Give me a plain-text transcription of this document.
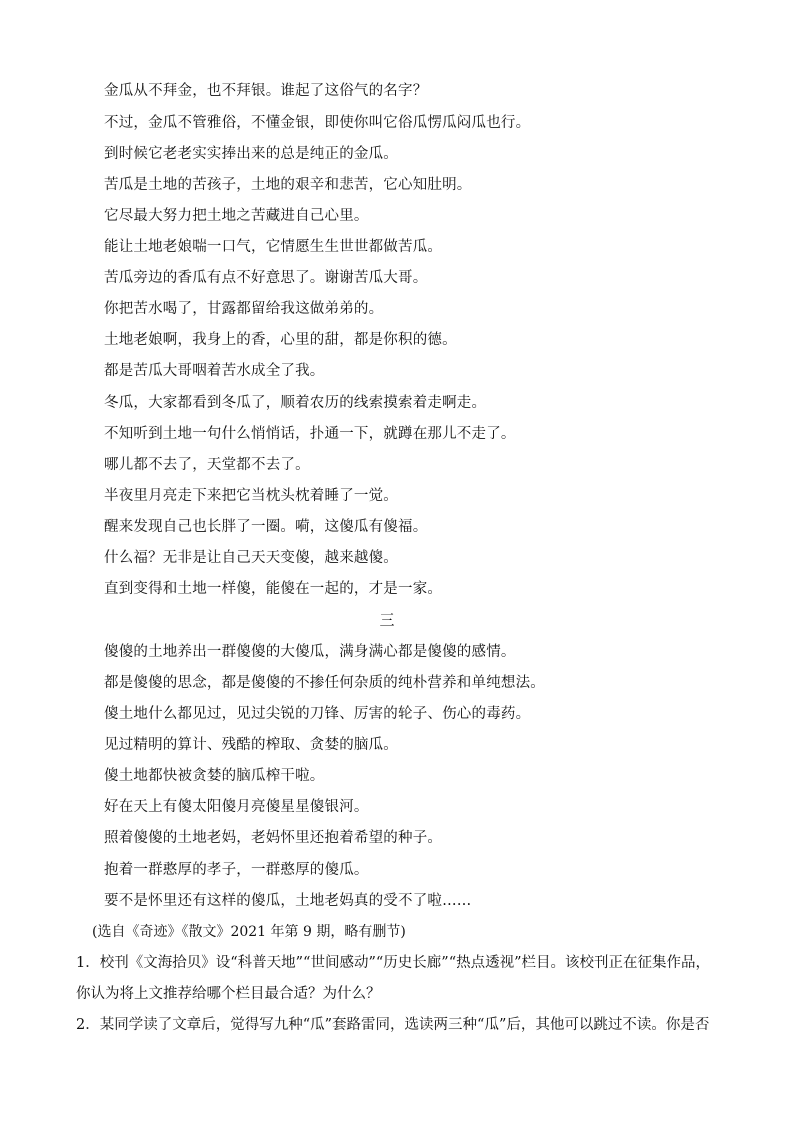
金瓜从不拜金，也不拜银。谁起了这俗气的名字？
不过，金瓜不管雅俗，不懂金银，即使你叫它俗瓜愣瓜闷瓜也行。
到时候它老老实实捧出来的总是纯正的金瓜。
苦瓜是土地的苦孩子，土地的艰辛和悲苦，它心知肚明。
它尽最大努力把土地之苦藏进自己心里。
能让土地老娘喘一口气，它情愿生生世世都做苦瓜。
苦瓜旁边的香瓜有点不好意思了。谢谢苦瓜大哥。
你把苦水喝了，甘露都留给我这做弟弟的。
土地老娘啊，我身上的香，心里的甜，都是你积的德。
都是苦瓜大哥咽着苦水成全了我。
冬瓜，大家都看到冬瓜了，顺着农历的线索摸索着走啊走。
不知听到土地一句什么悄悄话，扑通一下，就蹲在那儿不走了。
哪儿都不去了，天堂都不去了。
半夜里月亮走下来把它当枕头枕着睡了一觉。
醒来发现自己也长胖了一圈。嗬，这傻瓜有傻福。
什么福？无非是让自己天天变傻，越来越傻。
直到变得和土地一样傻，能傻在一起的，才是一家。
三
傻傻的土地养出一群傻傻的大傻瓜，满身满心都是傻傻的感情。
都是傻傻的思念，都是傻傻的不掺任何杂质的纯朴营养和单纯想法。
傻土地什么都见过，见过尖锐的刀锋、厉害的轮子、伤心的毒药。
见过精明的算计、残酷的榨取、贪婪的脑瓜。
傻土地都快被贪婪的脑瓜榨干啦。
好在天上有傻太阳傻月亮傻星星傻银河。
照着傻傻的土地老妈，老妈怀里还抱着希望的种子。
抱着一群憨厚的孝子，一群憨厚的傻瓜。
要不是怀里还有这样的傻瓜，土地老妈真的受不了啦……
(选自《奇迹》《散文》2021 年第 9 期，略有删节)
1．校刊《文海拾贝》设“科普天地”“世间感动”“历史长廊”“热点透视”栏目。该校刊正在征集作品，
你认为将上文推荐给哪个栏目最合适？为什么？
2．某同学读了文章后，觉得写九种“瓜”套路雷同，选读两三种“瓜”后，其他可以跳过不读。你是否
